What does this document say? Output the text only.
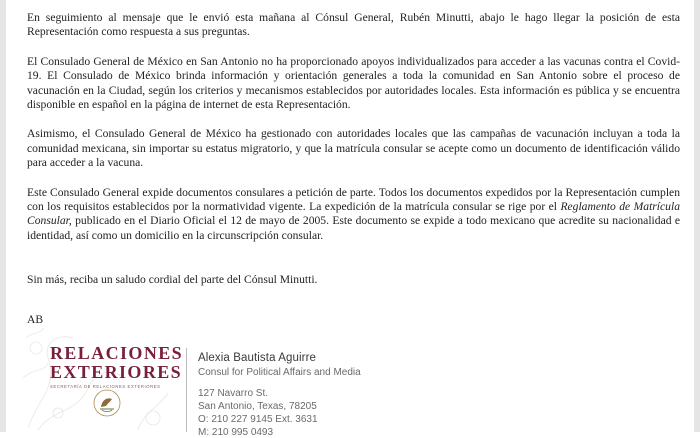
En seguimiento al mensaje que le envió esta mañana al Cónsul General, Rubén Minutti, abajo le hago llegar la posición de esta Representación como respuesta a sus preguntas.

El Consulado General de México en San Antonio no ha proporcionado apoyos individualizados para acceder a las vacunas contra el Covid-19. El Consulado de México brinda información y orientación generales a toda la comunidad en San Antonio sobre el proceso de vacunación en la Ciudad, según los criterios y mecanismos establecidos por autoridades locales. Esta información es pública y se encuentra disponible en español en la página de internet de esta Representación.

Asimismo, el Consulado General de México ha gestionado con autoridades locales que las campañas de vacunación incluyan a toda la comunidad mexicana, sin importar su estatus migratorio, y que la matrícula consular se acepte como un documento de identificación válido para acceder a la vacuna.

Este Consulado General expide documentos consulares a petición de parte. Todos los documentos expedidos por la Representación cumplen con los requisitos establecidos por la normatividad vigente. La expedición de la matrícula consular se rige por el Reglamento de Matrícula Consular, publicado en el Diario Oficial el 12 de mayo de 2005. Este documento se expide a todo mexicano que acredite su nacionalidad e identidad, así como un domicilio en la circunscripción consular.

Sin más, reciba un saludo cordial del parte del Cónsul Minutti.

AB

RELACIONES
EXTERIORES
SECRETARÍA DE RELACIONES EXTERIORES
Alexia Bautista Aguirre
Consul for Political Affairs and Media
127 Navarro St.
San Antonio, Texas, 78205
O: 210 227 9145 Ext. 3631
M: 210 995 0493
